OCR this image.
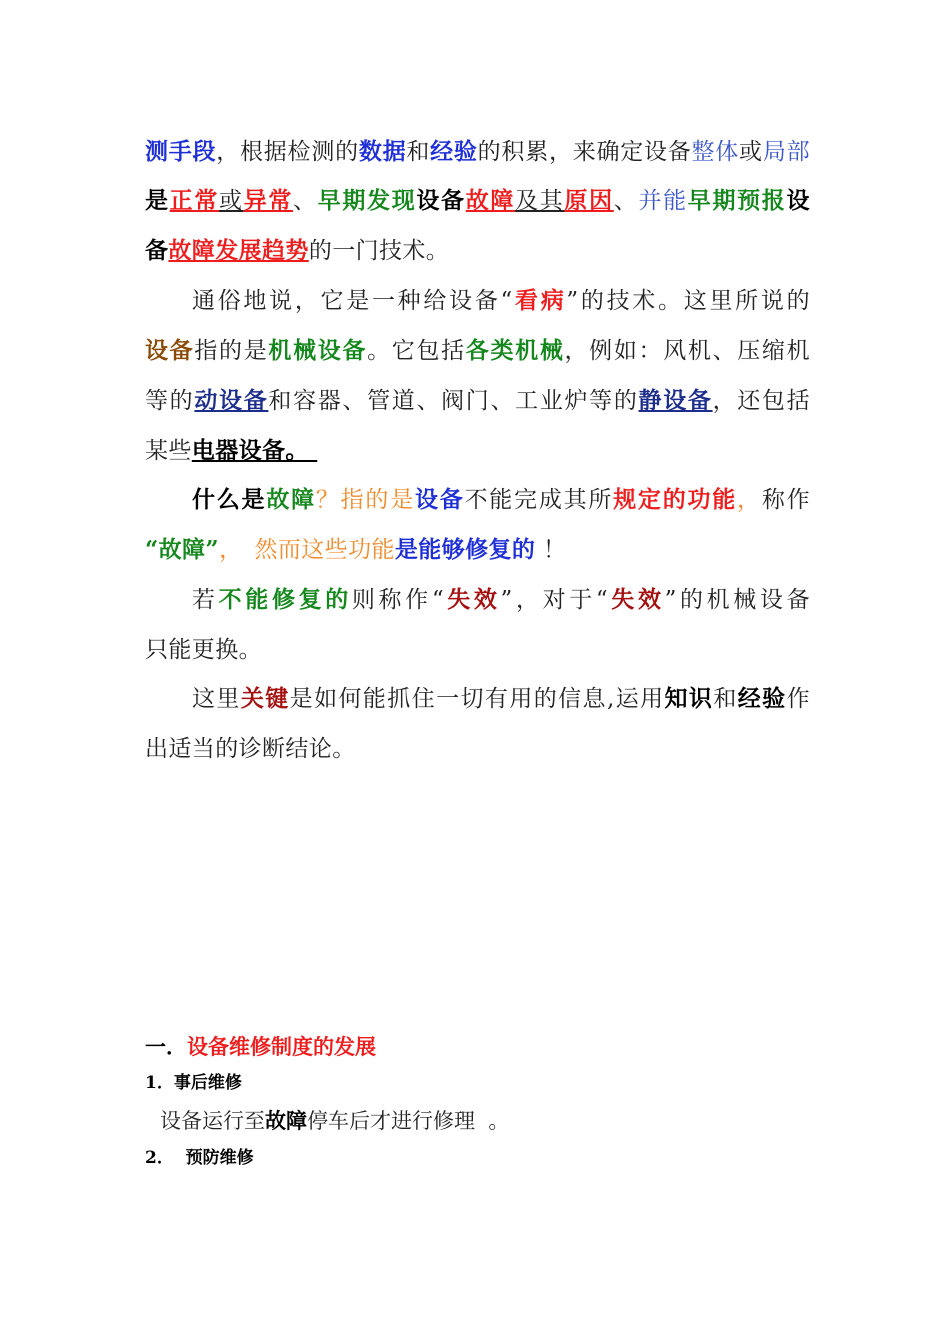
测手段，根据检测的数据和经验的积累，来确定设备整体或局部
是正常或异常、早期发现设备故障及其原因、并能早期预报设
备故障发展趋势的一门技术。
通俗地说，它是一种给设备“看病”的技术。这里所说的
设备指的是机械设备。它包括各类机械，例如：风机、压缩机
等的动设备和容器、管道、阀门、工业炉等的静设备，还包括
某些电器设备。
什么是故障？指的是设备不能完成其所规定的功能，称作
“故障”， 然而这些功能是能够修复的 ！
若不能修复的则称作“失效”，对于“失效”的机械设备
只能更换。
这里关键是如何能抓住一切有用的信息,运用知识和经验作
出适当的诊断结论。
一．设备维修制度的发展
1．事后维修
设备运行至故障停车后才进行修理  。
2．  预防维修
